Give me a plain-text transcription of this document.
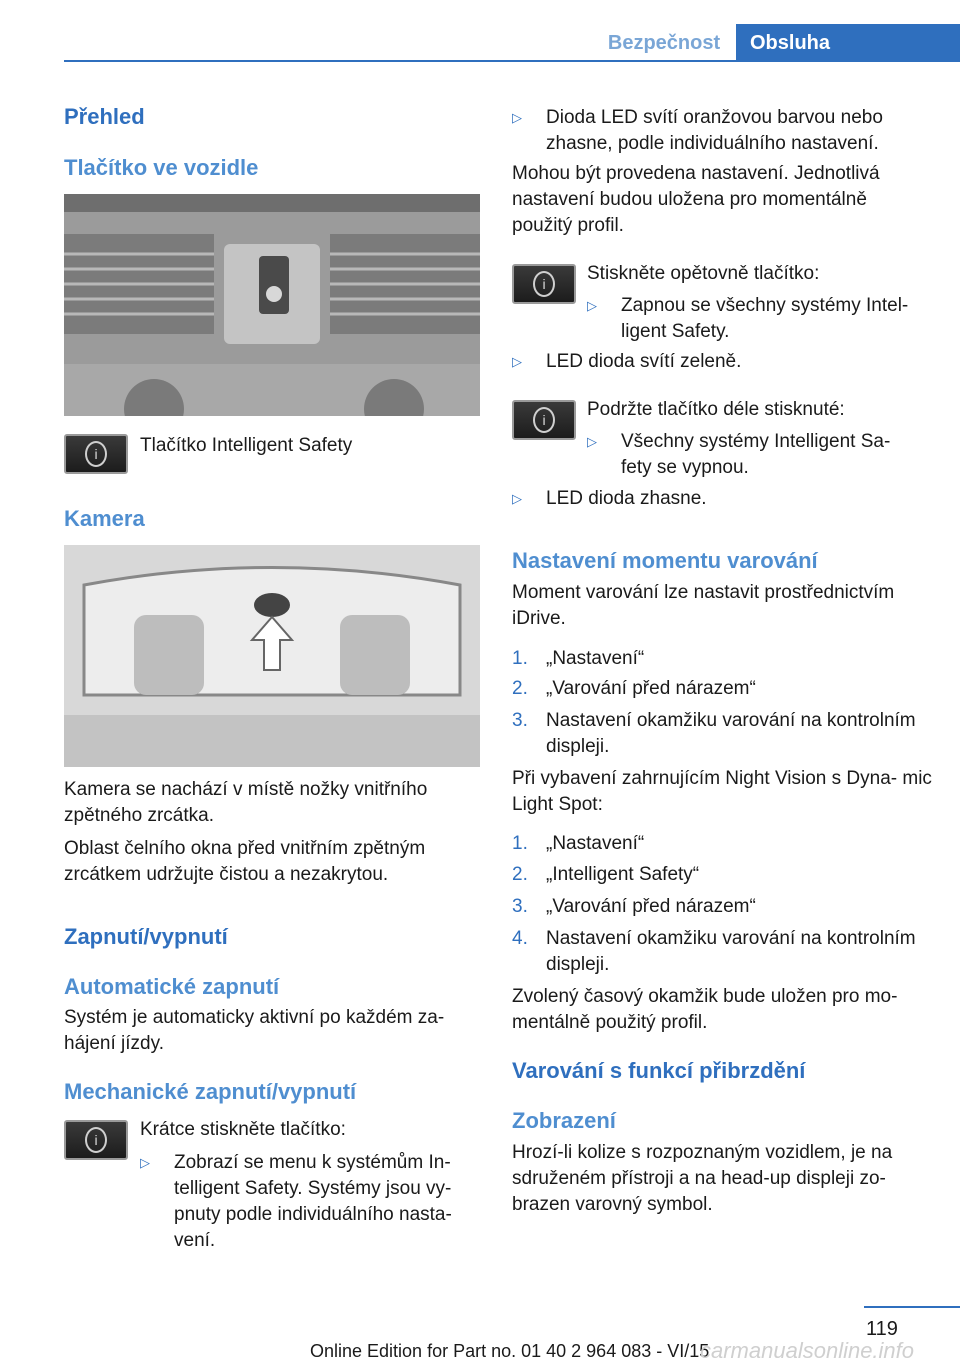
Bezpečnost	Obsluha
Přehled
Tlačítko ve vozidle
i	Tlačítko Intelligent Safety
Kamera
Kamera se nachází v místě nožky vnitřního zpětného zrcátka.
Oblast čelního okna před vnitřním zpětným zrcátkem udržujte čistou a nezakrytou.
Zapnutí/vypnutí
Automatické zapnutí
Systém je automaticky aktivní po každém za‐ hájení jízdy.
Mechanické zapnutí/vypnutí
i	Krátce stiskněte tlačítko:
▷	Zobrazí se menu k systémům In‐ telligent Safety. Systémy jsou vy‐ pnuty podle individuálního nasta‐ vení.
▷	Dioda LED svítí oranžovou barvou nebo zhasne, podle individuálního nastavení.
Mohou být provedena nastavení. Jednotlivá nastavení budou uložena pro momentálně použitý profil.
i	Stiskněte opětovně tlačítko:
▷	Zapnou se všechny systémy Intel‐ ligent Safety.
▷	LED dioda svítí zeleně.
i	Podržte tlačítko déle stisknuté:
▷	Všechny systémy Intelligent Sa‐ fety se vypnou.
▷	LED dioda zhasne.
Nastavení momentu varování
Moment varování lze nastavit prostřednictvím iDrive.
1. „Nastavení“
2. „Varování před nárazem“
3. Nastavení okamžiku varování na kontrolním displeji.
Při vybavení zahrnujícím Night Vision s Dyna‐ mic Light Spot:
1. „Nastavení“
2. „Intelligent Safety“
3. „Varování před nárazem“
4. Nastavení okamžiku varování na kontrolním displeji.
Zvolený časový okamžik bude uložen pro mo‐ mentálně použitý profil.
Varování s funkcí přibrzdění
Zobrazení
Hrozí-li kolize s rozpoznaným vozidlem, je na sdruženém přístroji a na head-up displeji zo‐ brazen varovný symbol.
119
Online Edition for Part no. 01 40 2 964 083 - VI/15
carmanualsonline.info
